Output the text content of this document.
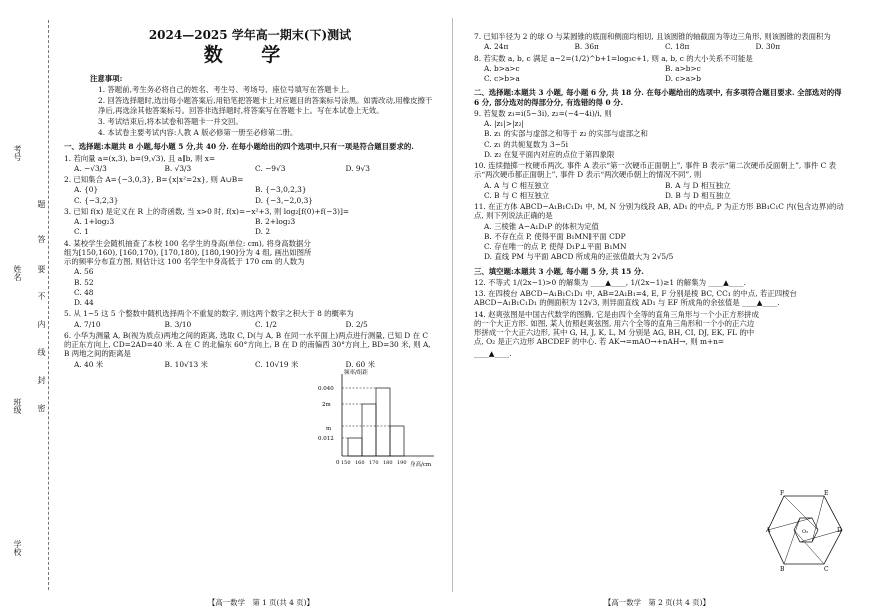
考号
姓名
班级
学校
题
答
要
不
内
线
封
密
2024—2025 学年高一期末(下)测试
数 学
注意事项:
1. 答题前,考生务必将自己的姓名、考生号、考场号、座位号填写在答题卡上。
2. 回答选择题时,选出每小题答案后,用铅笔把答题卡上对应题目的答案标号涂黑。如需改动,用橡皮擦干净后,再选涂其他答案标号。回答非选择题时,将答案写在答题卡上。写在本试卷上无效。
3. 考试结束后,将本试卷和答题卡一并交回。
4. 本试卷主要考试内容:人教 A 版必修第一册至必修第二册。
一、选择题:本题共 8 小题,每小题 5 分,共 40 分. 在每小题给出的四个选项中,只有一项是符合题目要求的.
1. 若向量 a=(x,3), b=(9,√3), 且 a∥b, 则 x=
A. −√3/3	B. √3/3	C. −9√3	D. 9√3
2. 已知集合 A={−3,0,3}, B={x|x²=2x}, 则 A∪B=
A. {0}	B. {−3,0,2,3}
C. {−3,2,3}	D. {−3,−2,0,3}
3. 已知 f(x) 是定义在 R 上的奇函数, 当 x>0 时, f(x)=−x²+3, 则 log₂[f(0)+f(−3)]=
A. 1+log₂3	B. 2+log₂3
C. 1	D. 2
4. 某校学生会随机抽查了本校 100 名学生的身高(单位: cm), 将身高数据分组为[150,160), [160,170), [170,180), [180,190]分为 4 组, 画出如图所示的频率分布直方图, 则估计这 100 名学生中身高低于 170 cm 的人数为
A. 56
B. 52
C. 48
D. 44
5. 从 1~5 这 5 个整数中随机选择两个不重复的数字, 则这两个数字之积大于 8 的概率为
A. 7/10	B. 3/10	C. 1/2	D. 2/5
6. 小华为测量 A, B(视为质点)两地之间的距离, 选取 C, D(与 A, B 在同一水平面上)两点进行测量, 已知 D 在 C 的正东方向上, CD=2AD=40 米. A 在 C 的北偏东 60°方向上, B 在 D 的南偏西 30°方向上, BD=30 米, 则 A, B 两地之间的距离是
A. 40 米	B. 10√13 米	C. 10√19 米	D. 60 米
频率/组距
身高/cm
0.040
2m
m
0.012
0 150 160 170 180 190
7. 已知半径为 2 的球 O 与某圆锥的底面和侧面均相切, 且该圆锥的轴截面为等边三角形, 则该圆锥的表面积为
A. 24π	B. 36π	C. 18π	D. 30π
8. 若实数 a, b, c 满足 a−2=(1/2)^b+1=log₃c+1, 则 a, b, c 的大小关系不可能是
A. b>a>c	B. a>b>c
C. c>b>a	D. c>a>b
二、选择题:本题共 3 小题, 每小题 6 分, 共 18 分. 在每小题给出的选项中, 有多项符合题目要求. 全部选对的得 6 分, 部分选对的得部分分, 有选错的得 0 分.
9. 若复数 z₁=i(5−3i), z₂=(−4−4i)/i, 则
A. |z₁|>|z₂|
B. z₁ 的实部与虚部之和等于 z₂ 的实部与虚部之和
C. z₁ 的共轭复数为 3−5i
D. z₂ 在复平面内对应的点位于第四象限
10. 连续抛掷一枚硬币两次, 事件 A 表示“第一次硬币正面朝上”, 事件 B 表示“第二次硬币反面朝上”, 事件 C 表示“两次硬币都正面朝上”, 事件 D 表示“两次硬币朝上的情况不同”, 则
A. A 与 C 相互独立	B. A 与 D 相互独立
C. B 与 C 相互独立	D. B 与 D 相互独立
11. 在正方体 ABCD−A₁B₁C₁D₁ 中, M, N 分别为线段 AB, AD₁ 的中点, P 为正方形 BB₁C₁C 内(包含边界)的动点, 则下列说法正确的是
A. 三棱锥 A−A₁D₁P 的体积为定值
B. 不存在点 P, 使得平面 B₁MN∥平面 CDP
C. 存在唯一的点 P, 使得 D₁P⊥平面 B₁MN
D. 直线 PM 与平面 ABCD 所成角的正弦值最大为 2√5/5
三、填空题:本题共 3 小题, 每小题 5 分, 共 15 分.
12. 不等式 1/(2x−1)>0 的解集为 ____▲____, 1/(2x−1)≥1 的解集为 ____▲____.
13. 在四棱台 ABCD−A₁B₁C₁D₁ 中, AB=2A₁B₁=4, E, F 分别是棱 BC, CC₁ 的中点, 若正四棱台 ABCD−A₁B₁C₁D₁ 的侧面积为 12√3, 则异面直线 AD₁ 与 EF 所成角的余弦值是 ____▲____.
14. 赵爽弦图是中国古代数学的图腾, 它是由四个全等的直角三角形与一个小正方形拼成的一个大正方形. 如图, 某人仿照赵爽弦图, 用六个全等的直角三角形和一个小的正六边形拼成一个大正六边形, 其中 G, H, J, K, L, M 分别是 AG, BH, CI, DJ, EK, FL 的中点, O₂ 是正六边形 ABCDEF 的中心. 若 AK→=mAO→+nAH→, 则 m+n=
____▲____.
F	E
D
C
B
A	O₂
【高一数学　第 1 页(共 4 页)】	【高一数学　第 2 页(共 4 页)】
